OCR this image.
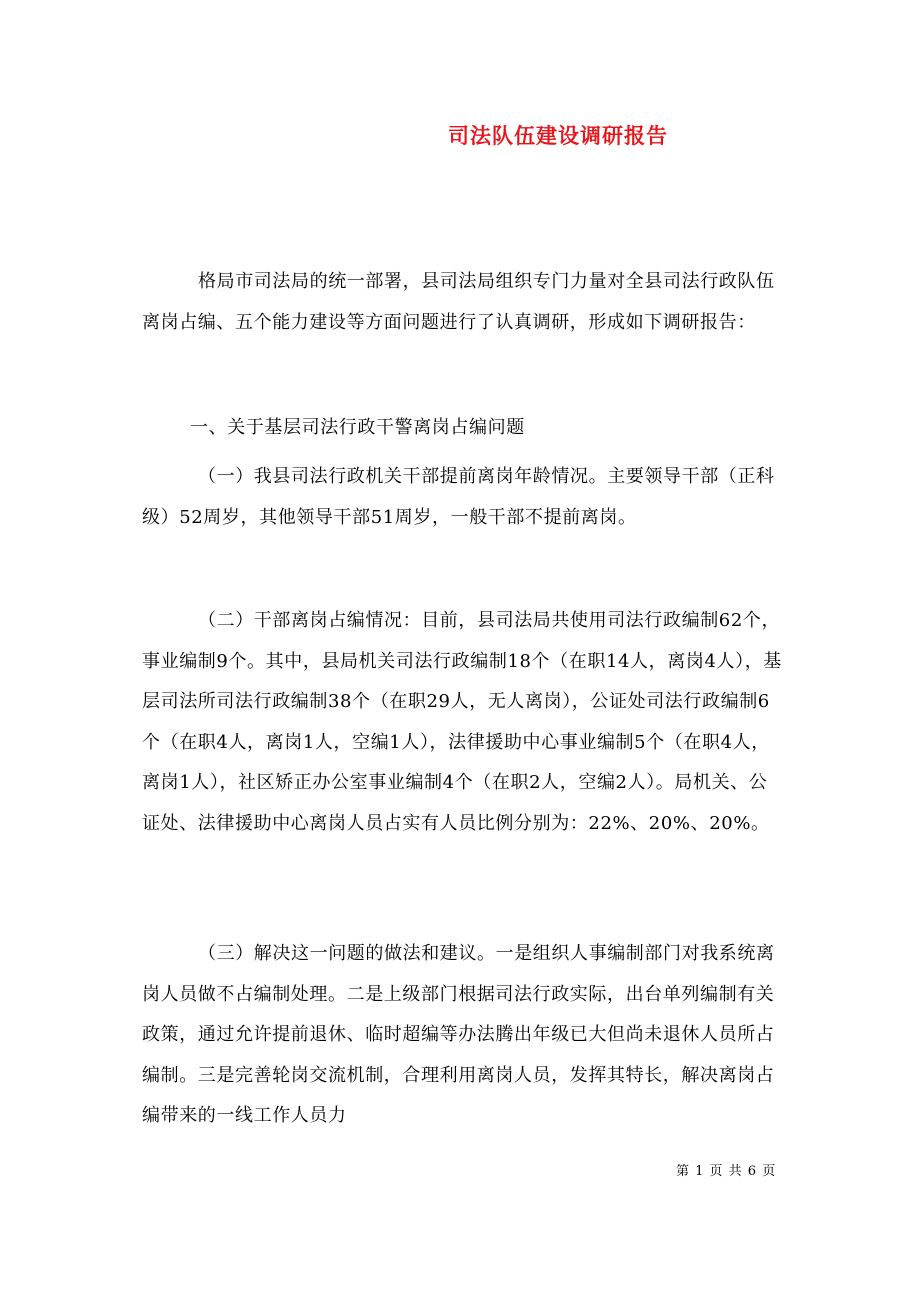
司法队伍建设调研报告

格局市司法局的统一部署，县司法局组织专门力量对全县司法行政队伍离岗占编、五个能力建设等方面问题进行了认真调研，形成如下调研报告：

一、关于基层司法行政干警离岗占编问题

（一）我县司法行政机关干部提前离岗年龄情况。主要领导干部（正科级）52周岁，其他领导干部51周岁，一般干部不提前离岗。

（二）干部离岗占编情况：目前，县司法局共使用司法行政编制62个，事业编制9个。其中，县局机关司法行政编制18个（在职14人，离岗4人），基层司法所司法行政编制38个（在职29人，无人离岗），公证处司法行政编制6个（在职4人，离岗1人，空编1人），法律援助中心事业编制5个（在职4人，离岗1人），社区矫正办公室事业编制4个（在职2人，空编2人）。局机关、公证处、法律援助中心离岗人员占实有人员比例分别为：22%、20%、20%。

（三）解决这一问题的做法和建议。一是组织人事编制部门对我系统离岗人员做不占编制处理。二是上级部门根据司法行政实际，出台单列编制有关政策，通过允许提前退休、临时超编等办法腾出年级已大但尚未退休人员所占编制。三是完善轮岗交流机制，合理利用离岗人员，发挥其特长，解决离岗占编带来的一线工作人员力

第 1 页 共 6 页
